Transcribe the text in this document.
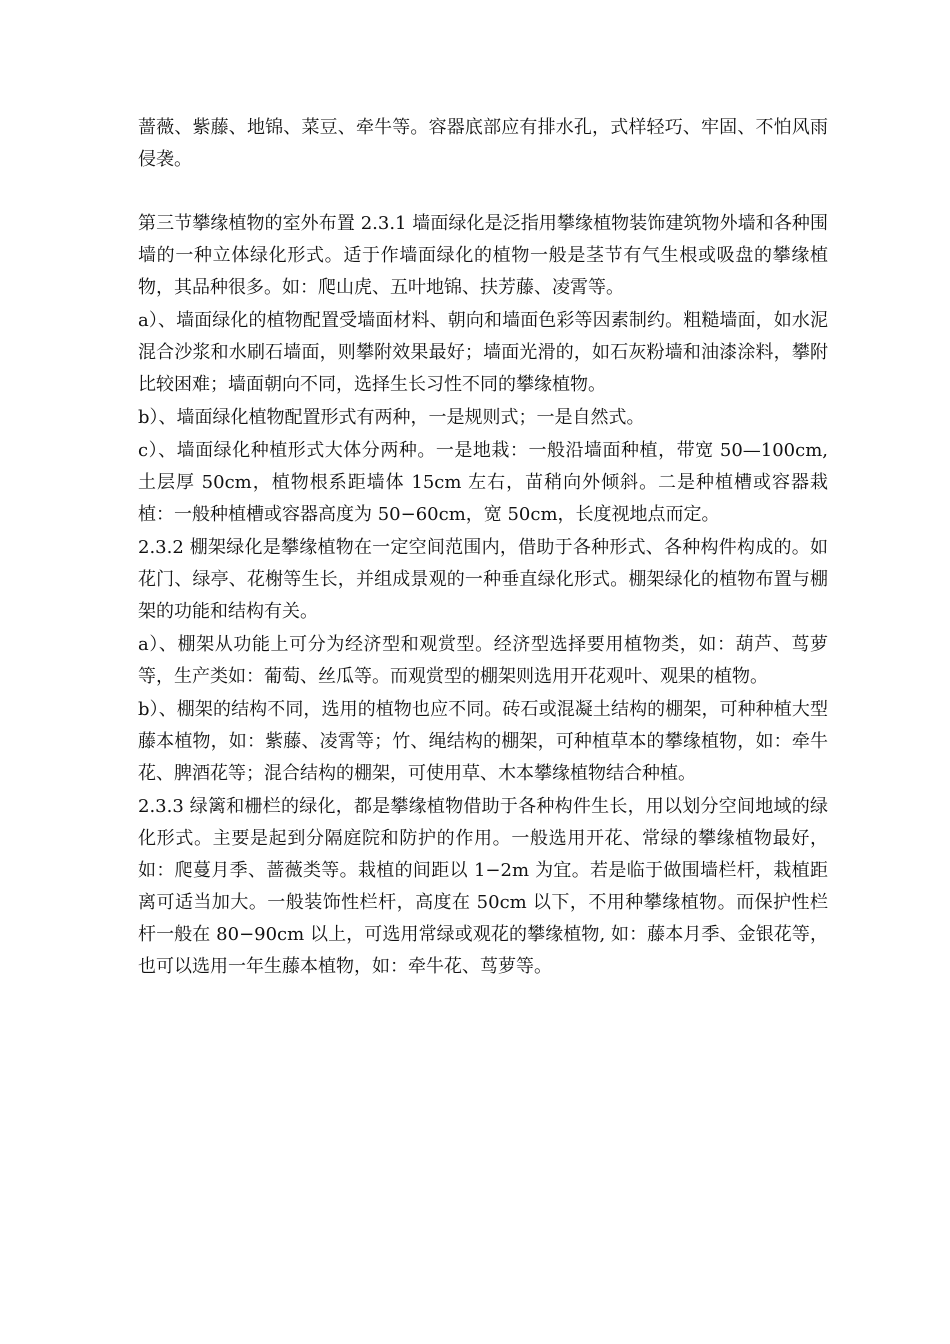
蔷薇、紫藤、地锦、菜豆、牵牛等。容器底部应有排水孔，式样轻巧、牢固、不怕风雨侵袭。

第三节攀缘植物的室外布置 2.3.1 墙面绿化是泛指用攀缘植物装饰建筑物外墙和各种围墙的一种立体绿化形式。适于作墙面绿化的植物一般是茎节有气生根或吸盘的攀缘植物，其品种很多。如：爬山虎、五叶地锦、扶芳藤、凌霄等。

a）、墙面绿化的植物配置受墙面材料、朝向和墙面色彩等因素制约。粗糙墙面，如水泥混合沙浆和水刷石墙面，则攀附效果最好；墙面光滑的，如石灰粉墙和油漆涂料，攀附比较困难；墙面朝向不同，选择生长习性不同的攀缘植物。

b）、墙面绿化植物配置形式有两种，一是规则式；一是自然式。

c）、墙面绿化种植形式大体分两种。一是地栽：一般沿墙面种植，带宽 50—100cm, 土层厚 50cm，植物根系距墙体 15cm 左右，苗稍向外倾斜。二是种植槽或容器栽植：一般种植槽或容器高度为 50−60cm，宽 50cm，长度视地点而定。

2.3.2 棚架绿化是攀缘植物在一定空间范围内，借助于各种形式、各种构件构成的。如花门、绿亭、花榭等生长，并组成景观的一种垂直绿化形式。棚架绿化的植物布置与棚架的功能和结构有关。

a）、棚架从功能上可分为经济型和观赏型。经济型选择要用植物类，如：葫芦、茑萝等，生产类如：葡萄、丝瓜等。而观赏型的棚架则选用开花观叶、观果的植物。

b）、棚架的结构不同，选用的植物也应不同。砖石或混凝土结构的棚架，可种种植大型藤本植物，如：紫藤、凌霄等；竹、绳结构的棚架，可种植草本的攀缘植物，如：牵牛花、脾酒花等；混合结构的棚架，可使用草、木本攀缘植物结合种植。

2.3.3 绿篱和栅栏的绿化，都是攀缘植物借助于各种构件生长，用以划分空间地域的绿化形式。主要是起到分隔庭院和防护的作用。一般选用开花、常绿的攀缘植物最好，如：爬蔓月季、蔷薇类等。栽植的间距以 1−2m 为宜。若是临于做围墙栏杆，栽植距离可适当加大。一般装饰性栏杆，高度在 50cm 以下，不用种攀缘植物。而保护性栏杆一般在 80−90cm 以上，可选用常绿或观花的攀缘植物, 如：藤本月季、金银花等，也可以选用一年生藤本植物，如：牵牛花、茑萝等。
